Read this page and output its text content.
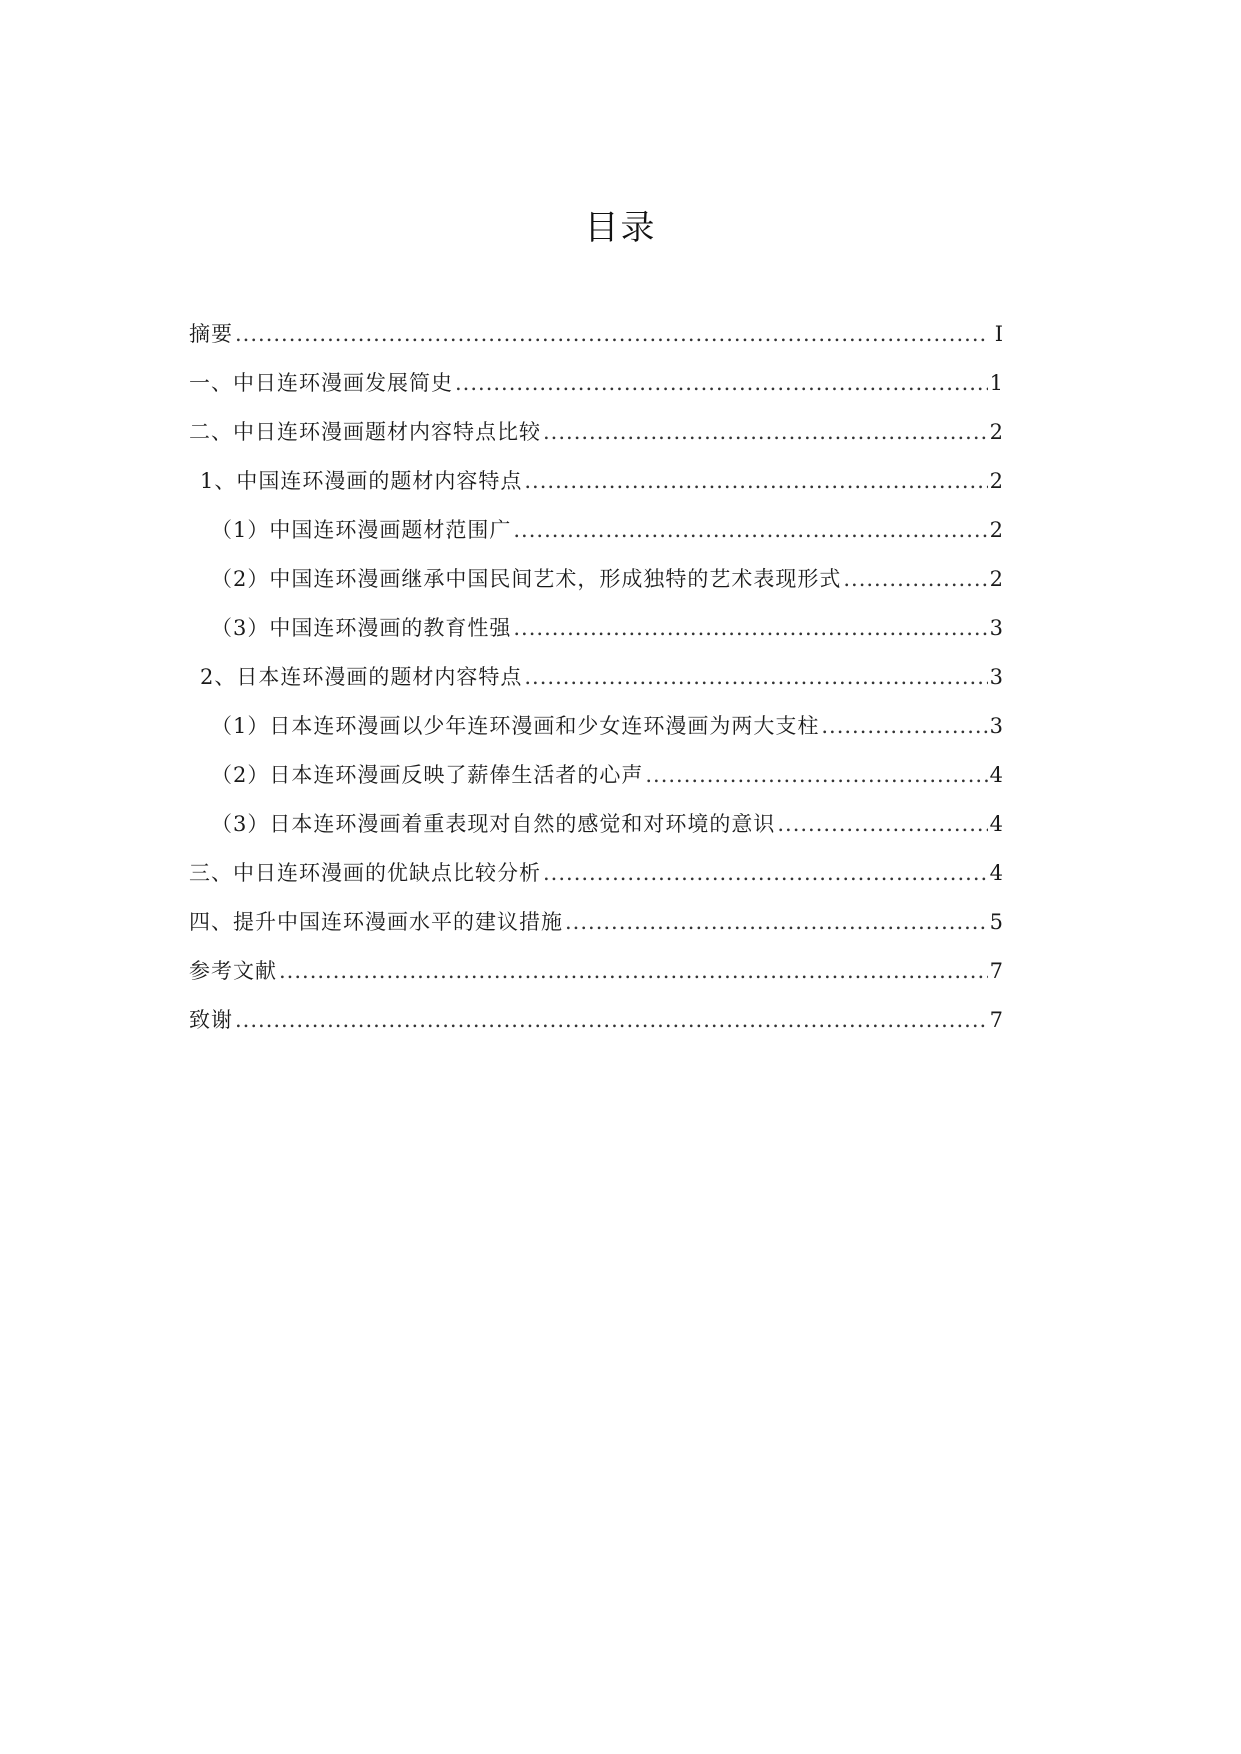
目录
摘要 .....	I
一、中日连环漫画发展简史 .....	1
二、中日连环漫画题材内容特点比较 .....	2
1、中国连环漫画的题材内容特点 .....	2
（1）中国连环漫画题材范围广 .....	2
（2）中国连环漫画继承中国民间艺术，形成独特的艺术表现形式 .....	2
（3）中国连环漫画的教育性强 .....	3
2、日本连环漫画的题材内容特点 .....	3
（1）日本连环漫画以少年连环漫画和少女连环漫画为两大支柱 .....	3
（2）日本连环漫画反映了薪俸生活者的心声 .....	4
（3）日本连环漫画着重表现对自然的感觉和对环境的意识 .....	4
三、中日连环漫画的优缺点比较分析 .....	4
四、提升中国连环漫画水平的建议措施 .....	5
参考文献 .....	7
致谢 .....	7
